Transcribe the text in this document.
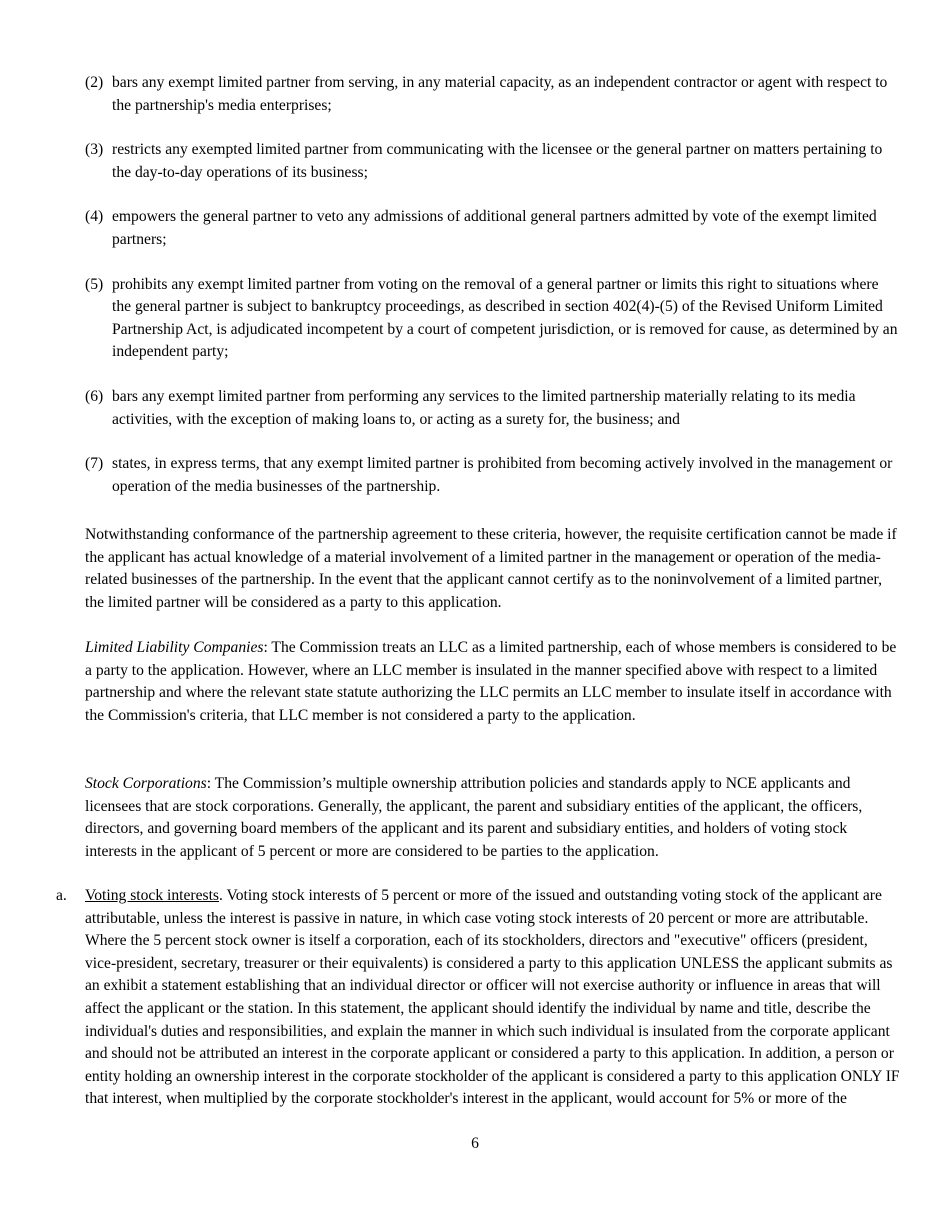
(2) bars any exempt limited partner from serving, in any material capacity, as an independent contractor or agent with respect to the partnership's media enterprises;
(3) restricts any exempted limited partner from communicating with the licensee or the general partner on matters pertaining to the day-to-day operations of its business;
(4) empowers the general partner to veto any admissions of additional general partners admitted by vote of the exempt limited partners;
(5) prohibits any exempt limited partner from voting on the removal of a general partner or limits this right to situations where the general partner is subject to bankruptcy proceedings, as described in section 402(4)-(5) of the Revised Uniform Limited Partnership Act, is adjudicated incompetent by a court of competent jurisdiction, or is removed for cause, as determined by an independent party;
(6) bars any exempt limited partner from performing any services to the limited partnership materially relating to its media activities, with the exception of making loans to, or acting as a surety for, the business; and
(7) states, in express terms, that any exempt limited partner is prohibited from becoming actively involved in the management or operation of the media businesses of the partnership.

Notwithstanding conformance of the partnership agreement to these criteria, however, the requisite certification cannot be made if the applicant has actual knowledge of a material involvement of a limited partner in the management or operation of the media-related businesses of the partnership. In the event that the applicant cannot certify as to the noninvolvement of a limited partner, the limited partner will be considered as a party to this application.

Limited Liability Companies: The Commission treats an LLC as a limited partnership, each of whose members is considered to be a party to the application. However, where an LLC member is insulated in the manner specified above with respect to a limited partnership and where the relevant state statute authorizing the LLC permits an LLC member to insulate itself in accordance with the Commission's criteria, that LLC member is not considered a party to the application.

Stock Corporations: The Commission’s multiple ownership attribution policies and standards apply to NCE applicants and licensees that are stock corporations. Generally, the applicant, the parent and subsidiary entities of the applicant, the officers, directors, and governing board members of the applicant and its parent and subsidiary entities, and holders of voting stock interests in the applicant of 5 percent or more are considered to be parties to the application.

a.	Voting stock interests. Voting stock interests of 5 percent or more of the issued and outstanding voting stock of the applicant are attributable, unless the interest is passive in nature, in which case voting stock interests of 20 percent or more are attributable. Where the 5 percent stock owner is itself a corporation, each of its stockholders, directors and "executive" officers (president, vice-president, secretary, treasurer or their equivalents) is considered a party to this application UNLESS the applicant submits as an exhibit a statement establishing that an individual director or officer will not exercise authority or influence in areas that will affect the applicant or the station. In this statement, the applicant should identify the individual by name and title, describe the individual's duties and responsibilities, and explain the manner in which such individual is insulated from the corporate applicant and should not be attributed an interest in the corporate applicant or considered a party to this application. In addition, a person or entity holding an ownership interest in the corporate stockholder of the applicant is considered a party to this application ONLY IF that interest, when multiplied by the corporate stockholder's interest in the applicant, would account for 5% or more of the
6
